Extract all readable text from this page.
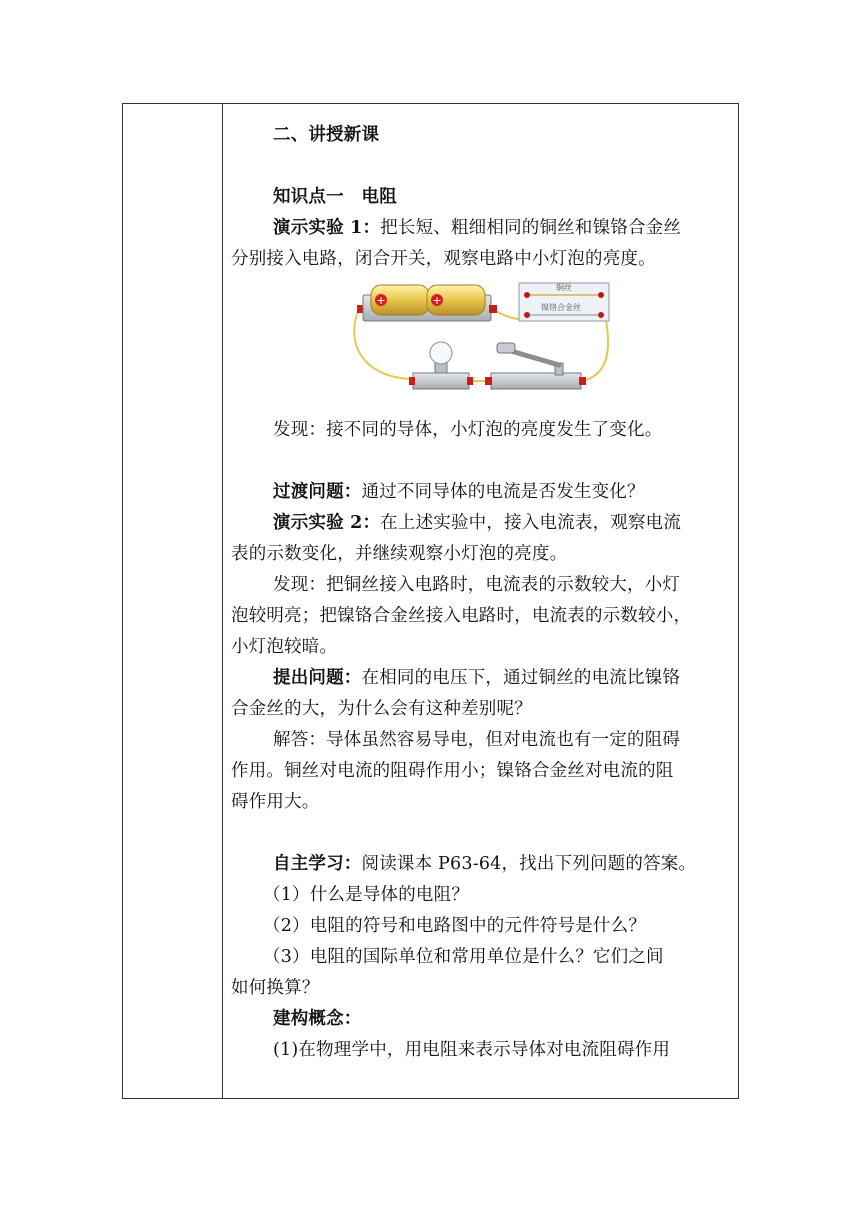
二、讲授新课
知识点一　电阻
演示实验 1：把长短、粗细相同的铜丝和镍铬合金丝
分别接入电路，闭合开关，观察电路中小灯泡的亮度。
+	+
铜丝
镍铬合金丝
发现：接不同的导体，小灯泡的亮度发生了变化。
过渡问题：通过不同导体的电流是否发生变化？
演示实验 2：在上述实验中，接入电流表，观察电流
表的示数变化，并继续观察小灯泡的亮度。
发现：把铜丝接入电路时，电流表的示数较大，小灯
泡较明亮；把镍铬合金丝接入电路时，电流表的示数较小，
小灯泡较暗。
提出问题：在相同的电压下，通过铜丝的电流比镍铬
合金丝的大，为什么会有这种差别呢？
解答：导体虽然容易导电，但对电流也有一定的阻碍
作用。铜丝对电流的阻碍作用小；镍铬合金丝对电流的阻
碍作用大。
自主学习：阅读课本 P63-64，找出下列问题的答案。
（1）什么是导体的电阻？
（2）电阻的符号和电路图中的元件符号是什么？
（3）电阻的国际单位和常用单位是什么？它们之间
如何换算？
建构概念：
(1)在物理学中，用电阻来表示导体对电流阻碍作用
